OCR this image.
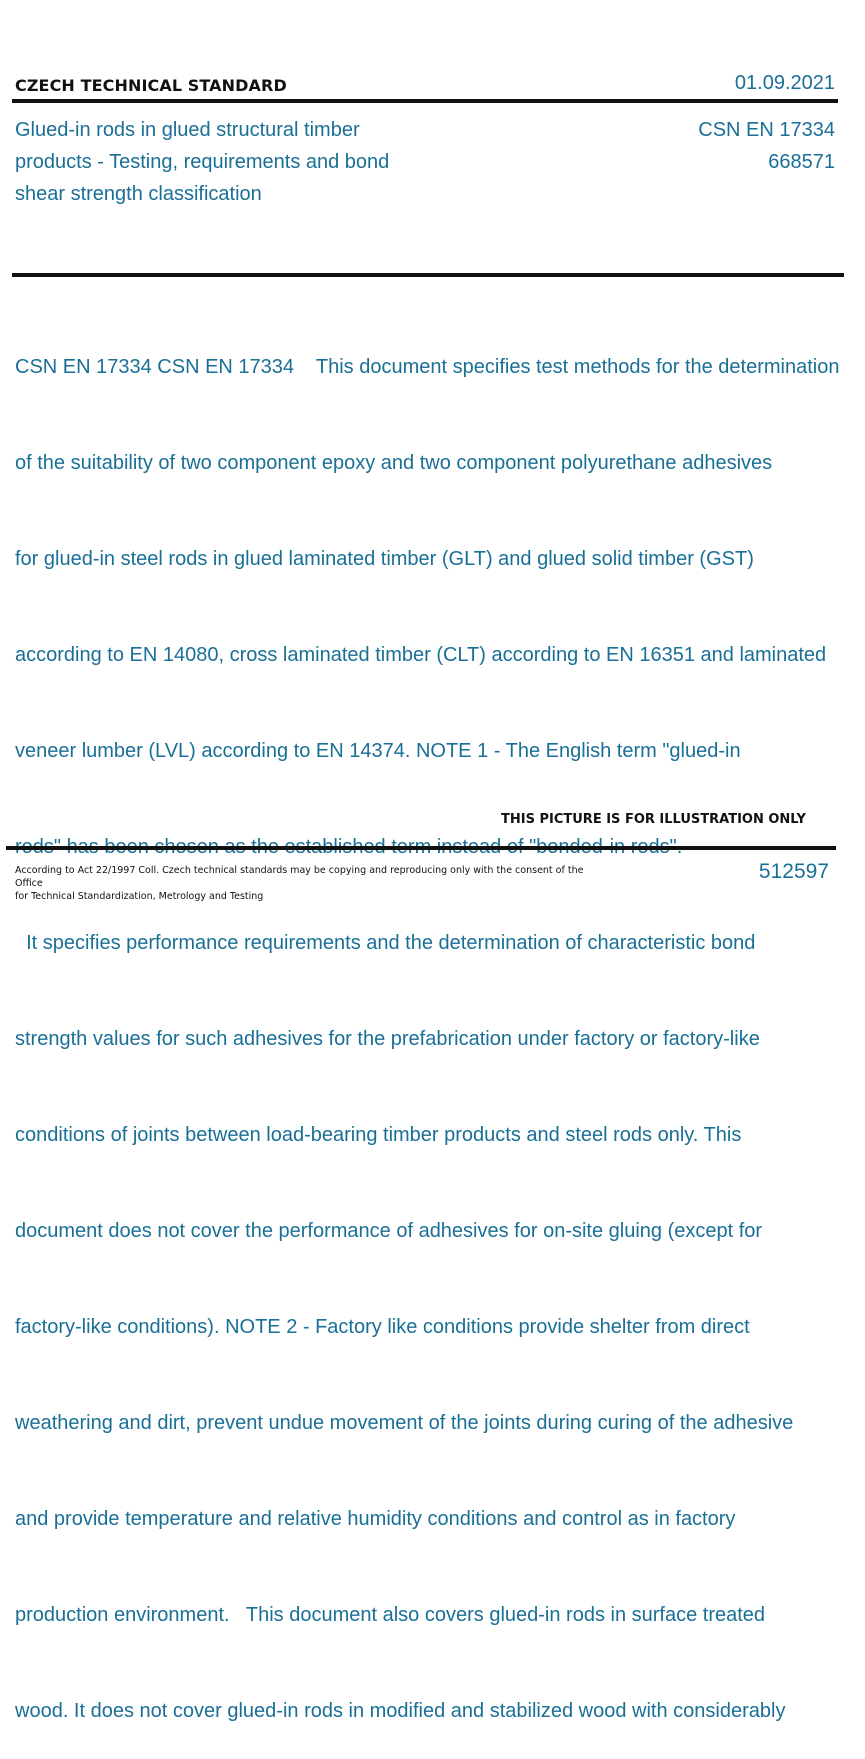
CZECH TECHNICAL STANDARD	01.09.2021
Glued-in rods in glued structural timber
products - Testing, requirements and bond
shear strength classification
CSN EN 17334
668571

CSN EN 17334 CSN EN 17334    This document specifies test methods for the determination

of the suitability of two component epoxy and two component polyurethane adhesives

for glued-in steel rods in glued laminated timber (GLT) and glued solid timber (GST)

according to EN 14080, cross laminated timber (CLT) according to EN 16351 and laminated

veneer lumber (LVL) according to EN 14374. NOTE 1 - The English term "glued-in

It specifies performance requirements and the determination of characteristic bond

strength values for such adhesives for the prefabrication under factory or factory-like

conditions of joints between load-bearing timber products and steel rods only. This

document does not cover the performance of adhesives for on-site gluing (except for

factory-like conditions). NOTE 2 - Factory like conditions provide shelter from direct

weathering and dirt, prevent undue movement of the joints during curing of the adhesive

and provide temperature and relative humidity conditions and control as in factory

production environment.   This document also covers glued-in rods in surface treated

wood. It does not cover glued-in rods in modified and stabilized wood with considerably

THIS PICTURE IS FOR ILLUSTRATION ONLY
According to Act 22/1997 Coll. Czech technical standards may be copying and reproducing only with the consent of the Office
for Technical Standardization, Metrology and Testing
512597
